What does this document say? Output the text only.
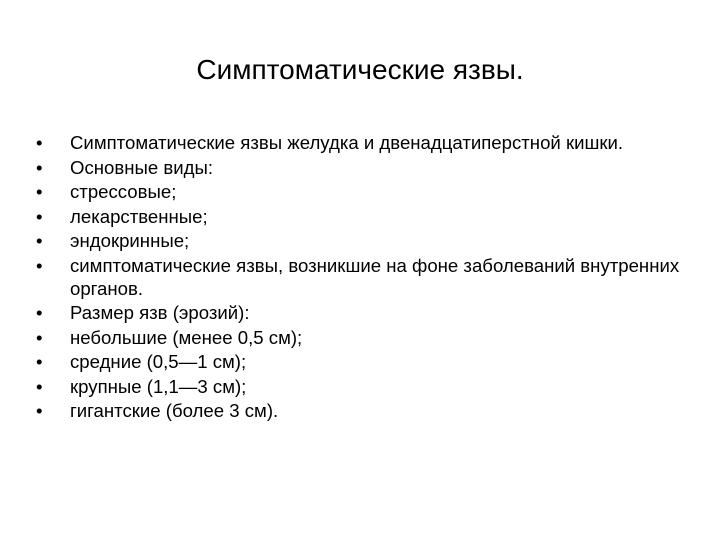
Симптоматические язвы.
•	Симптоматические язвы желудка и двенадцатиперстной кишки.
•	Основные виды:
•	стрессовые;
•	лекарственные;
•	эндокринные;
•	симптоматические язвы, возникшие на фоне заболеваний внутренних органов.
•	Размер язв (эрозий):
•	небольшие (менее 0,5 см);
•	средние (0,5—1 см);
•	крупные (1,1—3 см);
•	гигантские (более 3 см).
